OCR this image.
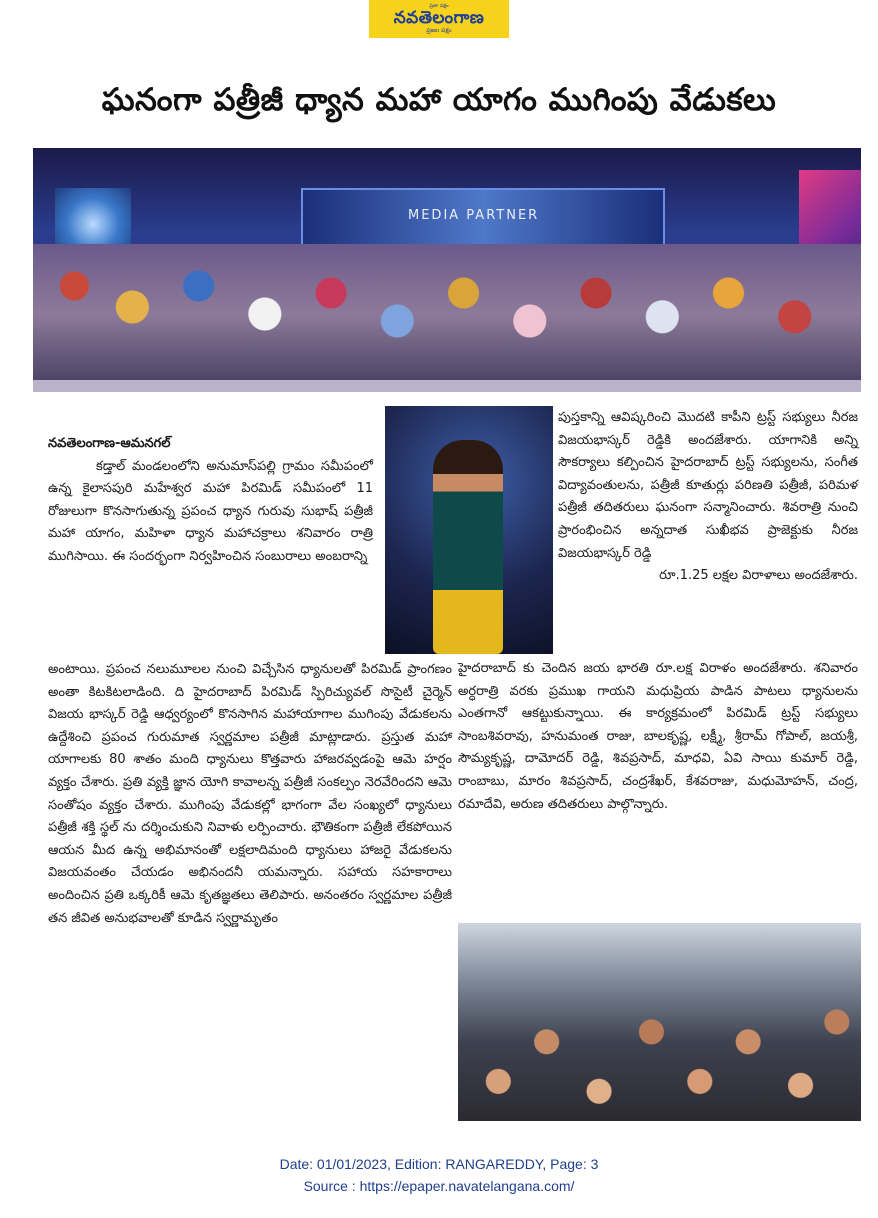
ప్రజా పక్షం
నవతెలంగాణ
ప్రజల పక్షం
ఘనంగా పత్రీజీ ధ్యాన మహా యాగం ముగింపు వేడుకలు
MEDIA PARTNER

నవతెలంగాణ-ఆమనగల్

కడ్తాల్ మండలంలోని అనుమాస్‌పల్లి గ్రామం సమీపంలో ఉన్న కైలాసపురి మహేశ్వర మహా పిరమిడ్ సమీపంలో 11 రోజులుగా కొనసాగుతున్న ప్రపంచ ధ్యాన గురువు సుభాష్ పత్రీజీ మహా యాగం, మహిళా ధ్యాన మహాచక్రాలు శనివారం రాత్రి ముగిసాయి. ఈ సందర్భంగా నిర్వహించిన సంబురాలు అంబరాన్ని

అంటాయి. ప్రపంచ నలుమూలల నుంచి విచ్చేసిన ధ్యానులతో పిరమిడ్ ప్రాంగణం అంతా కిటకిటలాడింది. ది హైదరాబాద్ పిరమిడ్ స్పిరిచ్యువల్ సొసైటీ చైర్మెన్ విజయ భాస్కర్ రెడ్డి ఆధ్వర్యంలో కొనసాగిన మహాయాగాల ముగింపు వేడుకలను ఉద్దేశించి ప్రపంచ గురుమాత స్వర్ణమాల పత్రీజీ మాట్లాడారు. ప్రస్తుత మహా యాగాలకు 80 శాతం మంది ధ్యానులు కొత్తవారు హాజరవ్వడంపై ఆమె హర్షం వ్యక్తం చేశారు. ప్రతి వ్యక్తి జ్ఞాన యోగి కావాలన్న పత్రీజీ సంకల్పం నెరవేరిందని ఆమె సంతోషం వ్యక్తం చేశారు. ముగింపు వేడుకల్లో భాగంగా వేల సంఖ్యలో ధ్యానులు పత్రీజీ శక్తి స్థల్ ను దర్శించుకుని నివాళు లర్పించారు. భౌతికంగా పత్రీజీ లేకపోయిన ఆయన మీద ఉన్న అభిమానంతో లక్షలాదిమంది ధ్యానులు హాజరై వేడుకలను విజయవంతం చేయడం అభినందనీ యమన్నారు. సహాయ సహకారాలు అందించిన ప్రతి ఒక్కరికీ ఆమె కృతజ్ఞతలు తెలిపారు. అనంతరం స్వర్ణమాల పత్రీజీ తన జీవిత అనుభవాలతో కూడిన స్వర్ణామృతం

పుస్తకాన్ని ఆవిష్కరించి మొదటి కాపీని ట్రస్ట్ సభ్యులు నీరజ విజయభాస్కర్ రెడ్డికి అందజేశారు. యాగానికి అన్ని సౌకర్యాలు కల్పించిన హైదరాబాద్ ట్రస్ట్ సభ్యులను, సంగీత విద్యావంతులను, పత్రీజీ కూతుర్లు పరిణతి పత్రీజీ, పరిమళ పత్రీజీ తదితరులు ఘనంగా సన్మానించారు. శివరాత్రి నుంచి ప్రారంభించిన అన్నదాత సుఖీభవ ప్రాజెక్టుకు నీరజ విజయభాస్కర్ రెడ్డి

రూ.1.25 లక్షల విరాళాలు అందజేశారు.

హైదరాబాద్ కు చెందిన జయ భారతి రూ.లక్ష విరాళం అందజేశారు. శనివారం అర్ధరాత్రి వరకు ప్రముఖ గాయని మధుప్రియ పాడిన పాటలు ధ్యానులను ఎంతగానో ఆకట్టుకున్నాయి. ఈ కార్యక్రమంలో పిరమిడ్ ట్రస్ట్ సభ్యులు సాంబశివరావు, హనుమంత రాజు, బాలకృష్ణ, లక్ష్మీ, శ్రీరామ్ గోపాల్, జయశ్రీ, సౌమ్యకృష్ణ, దామోదర్ రెడ్డి, శివప్రసాద్, మాధవి, ఏవి సాయి కుమార్ రెడ్డి, రాంబాబు, మారం శివప్రసాద్, చంద్రశేఖర్, కేశవరాజు, మధుమోహన్, చంద్ర, రమాదేవి, అరుణ తదితరులు పాల్గొన్నారు.

Date: 01/01/2023, Edition: RANGAREDDY, Page: 3
Source : https://epaper.navatelangana.com/
